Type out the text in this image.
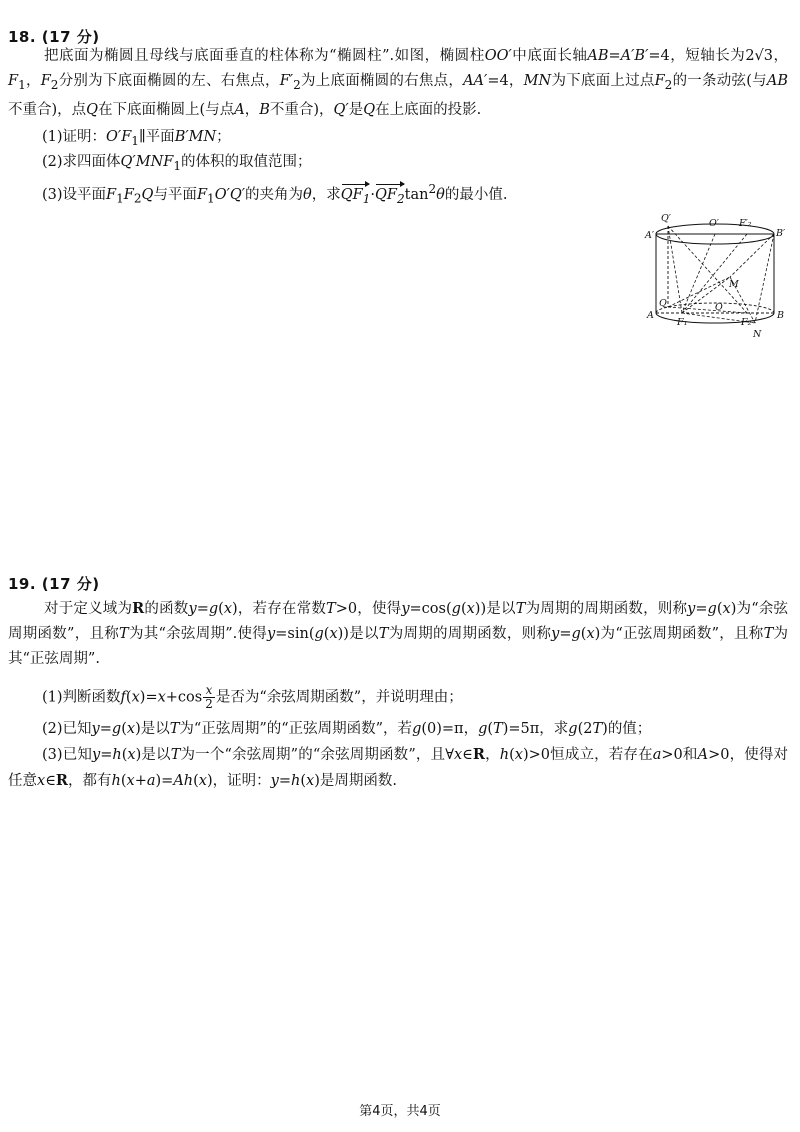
18. (17 分)
把底面为椭圆且母线与底面垂直的柱体称为“椭圆柱”.如图，椭圆柱OO′中底面长轴AB=A′B′=4，短轴长为2√3，$F_1$，$F_2$分别为下底面椭圆的左、右焦点，$F'_2$为上底面椭圆的右焦点，AA′=4，MN为下底面上过点$F_2$的一条动弦(与AB不重合)，点Q在下底面椭圆上(与点A，B不重合)，Q′是Q在上底面的投影.
(1)证明：$O'F_1\parallel$平面B′MN；
(2)求四面体$Q'MNF_1$的体积的取值范围；
(3)设平面$F_1F_2Q$与平面$F_1O'Q'$的夹角为θ，求$QF_1\cdot QF_2\tan^2\theta$的最小值.
Q′	O′ F′₂
A′	B′
M
Q	O
A
F₁	F₂
B
N
19. (17 分)
对于定义域为R的函数y=g(x)，若存在常数T>0，使得y=cos(g(x))是以T为周期的周期函数，则称y=g(x)为“余弦周期函数”，且称T为其“余弦周期”.使得y=sin(g(x))是以T为周期的周期函数，则称y=g(x)为“正弦周期函数”，且称T为其“正弦周期”.
(1)判断函数$f(x)=x+\cos \frac{x}{2}$ 是否为“余弦周期函数”，并说明理由；
(2)已知y=g(x)是以T为“正弦周期”的“正弦周期函数”，若g(0)=π，g(T)=5π，求g(2T)的值；
(3)已知y=h(x)是以T为一个“余弦周期”的“余弦周期函数”，且∀x∈R，h(x)>0恒成立，若存在a>0和A>0，使得对任意x∈R，都有h(x+a)=Ah(x)，证明：y=h(x)是周期函数.
第4页，共4页
